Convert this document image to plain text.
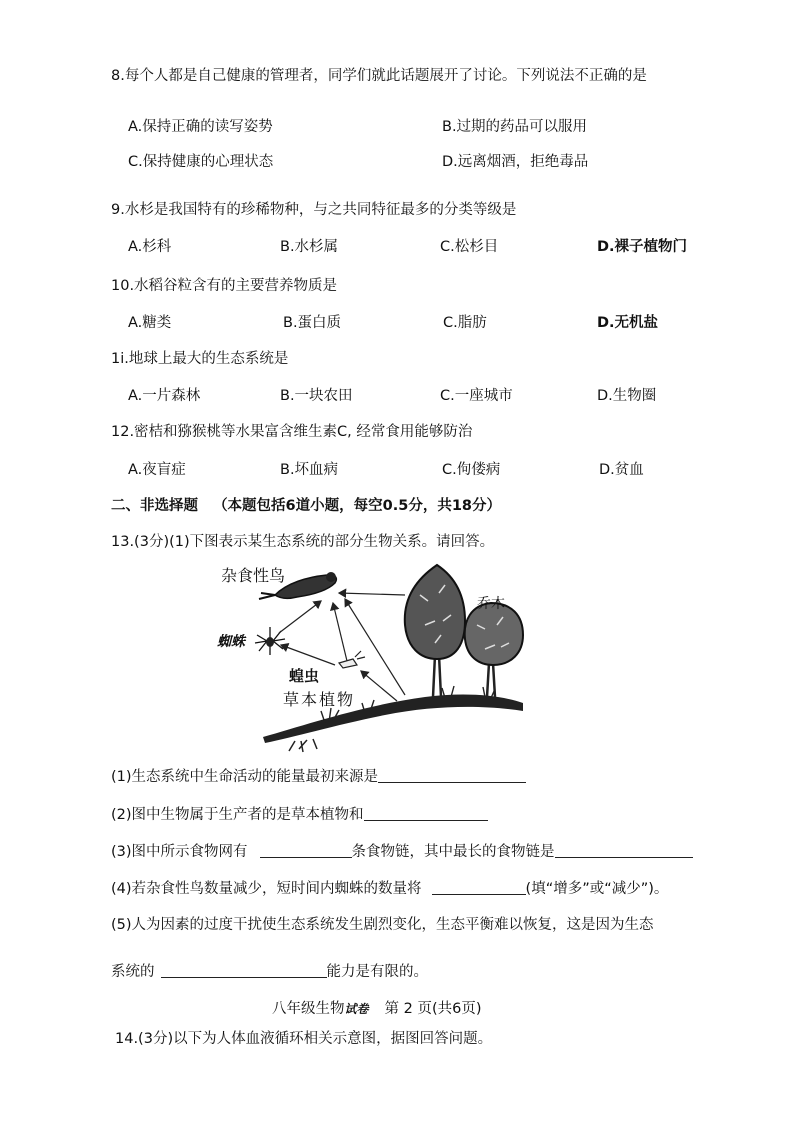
8.每个人都是自己健康的管理者，同学们就此话题展开了讨论。下列说法不正确的是
A.保持正确的读写姿势	B.过期的药品可以服用
C.保持健康的心理状态	D.远离烟酒，拒绝毒品
9.水杉是我国特有的珍稀物种，与之共同特征最多的分类等级是
A.杉科	B.水杉属	C.松杉目	D.裸子植物门
10.水稻谷粒含有的主要营养物质是
A.糖类	B.蛋白质	C.脂肪	D.无机盐
1i.地球上最大的生态系统是
A.一片森林	B.一块农田	C.一座城市	D.生物圈
12.密桔和猕猴桃等水果富含维生素C, 经常食用能够防治
A.夜盲症	B.坏血病	C.佝偻病	D.贫血
二、非选择题 （本题包括6道小题，每空0.5分，共18分）
13.(3分)(1)下图表示某生态系统的部分生物关系。请回答。
杂食性鸟
乔木
蜘蛛
蝗虫
草本植物
(1)生态系统中生命活动的能量最初来源是
(2)图中生物属于生产者的是草本植物和
(3)图中所示食物网有	条食物链，其中最长的食物链是
(4)若杂食性鸟数量减少，短时间内蜘蛛的数量将	(填“增多”或“减少”)。
(5)人为因素的过度干扰使生态系统发生剧烈变化，生态平衡难以恢复，这是因为生态
系统的	能力是有限的。
八年级生物试卷 第 2 页(共6页)
14.(3分)以下为人体血液循环相关示意图，据图回答问题。
